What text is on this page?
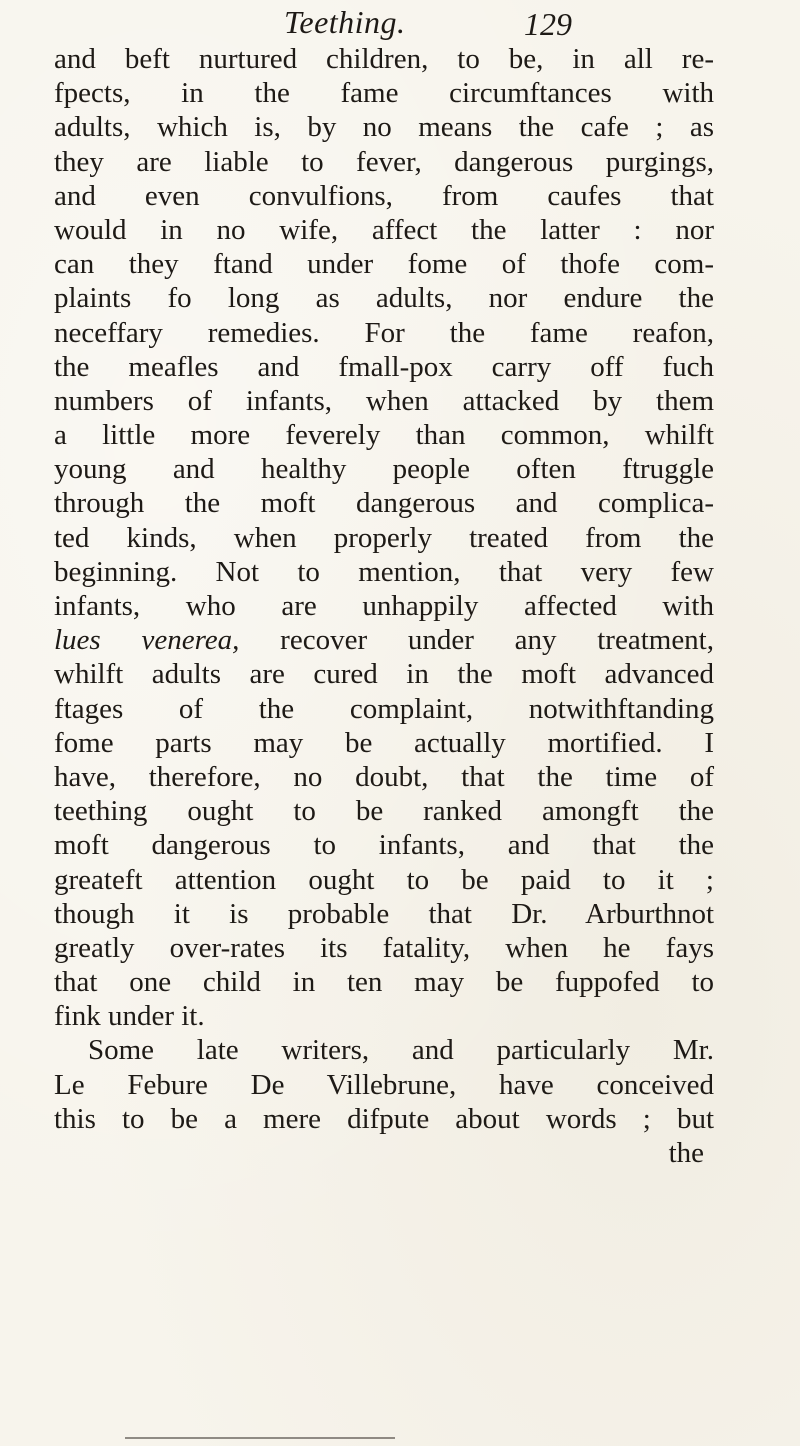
Teething.	129
and beft nurtured children, to be, in all re-
fpects, in the fame circumftances with
adults, which is, by no means the cafe ; as
they are liable to fever, dangerous purgings,
and even convulfions, from caufes that
would in no wife, affect the latter : nor
can they ftand under fome of thofe com-
plaints fo long as adults, nor endure the
neceffary remedies. For the fame reafon,
the meafles and fmall-pox carry off fuch
numbers of infants, when attacked by them
a little more feverely than common, whilft
young and healthy people often ftruggle
through the moft dangerous and complica-
ted kinds, when properly treated from the
beginning. Not to mention, that very few
infants, who are unhappily affected with
lues venerea, recover under any treatment,
whilft adults are cured in the moft advanced
ftages of the complaint, notwithftanding
fome parts may be actually mortified. I
have, therefore, no doubt, that the time of
teething ought to be ranked amongft the
moft dangerous to infants, and that the
greateft attention ought to be paid to it ;
though it is probable that Dr. Arburthnot
greatly over-rates its fatality, when he fays
that one child in ten may be fuppofed to
fink under it.
Some late writers, and particularly Mr.
Le Febure De Villebrune, have conceived
this to be a mere difpute about words ; but
the
